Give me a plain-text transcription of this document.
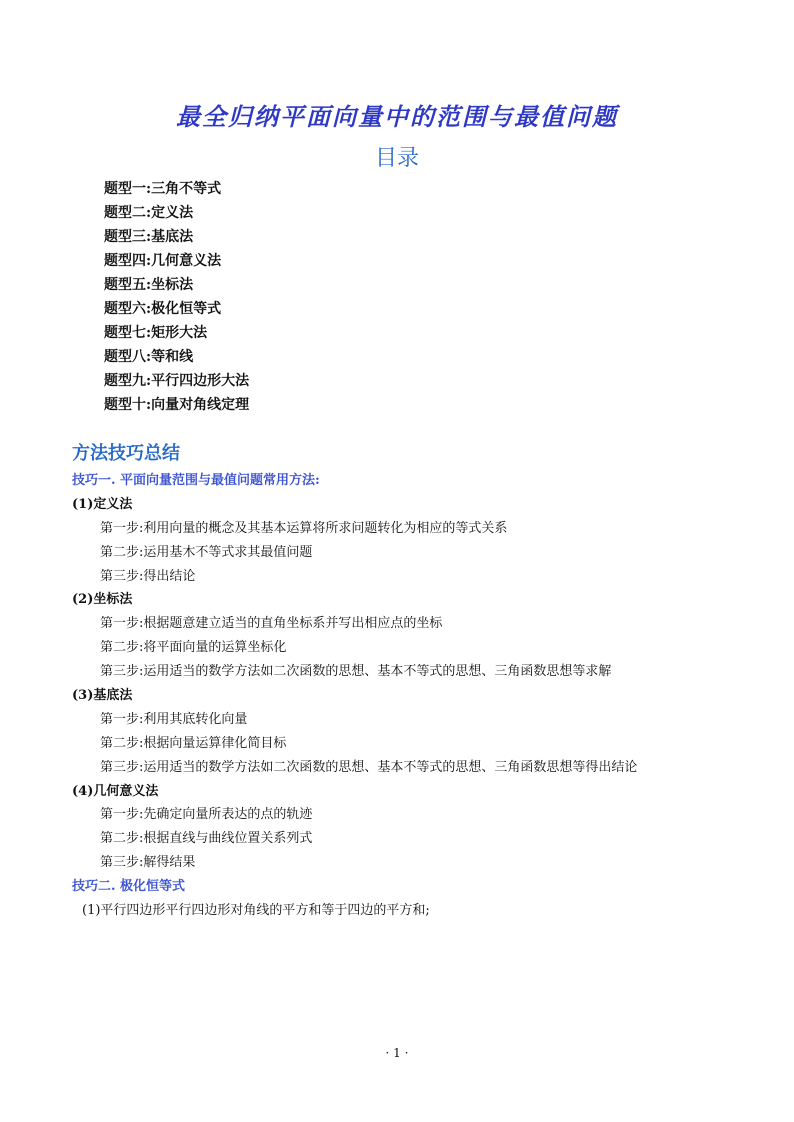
最全归纳平面向量中的范围与最值问题
目录
题型一:三角不等式
题型二:定义法
题型三:基底法
题型四:几何意义法
题型五:坐标法
题型六:极化恒等式
题型七:矩形大法
题型八:等和线
题型九:平行四边形大法
题型十:向量对角线定理
方法技巧总结
技巧一. 平面向量范围与最值问题常用方法:
(1)定义法
第一步:利用向量的概念及其基本运算将所求问题转化为相应的等式关系
第二步:运用基木不等式求其最值问题
第三步:得出结论
(2)坐标法
第一步:根据题意建立适当的直角坐标系并写出相应点的坐标
第二步:将平面向量的运算坐标化
第三步:运用适当的数学方法如二次函数的思想、基本不等式的思想、三角函数思想等求解
(3)基底法
第一步:利用其底转化向量
第二步:根据向量运算律化简目标
第三步:运用适当的数学方法如二次函数的思想、基本不等式的思想、三角函数思想等得出结论
(4)几何意义法
第一步:先确定向量所表达的点的轨迹
第二步:根据直线与曲线位置关系列式
第三步:解得结果
技巧二. 极化恒等式
(1)平行四边形平行四边形对角线的平方和等于四边的平方和;
· 1 ·
